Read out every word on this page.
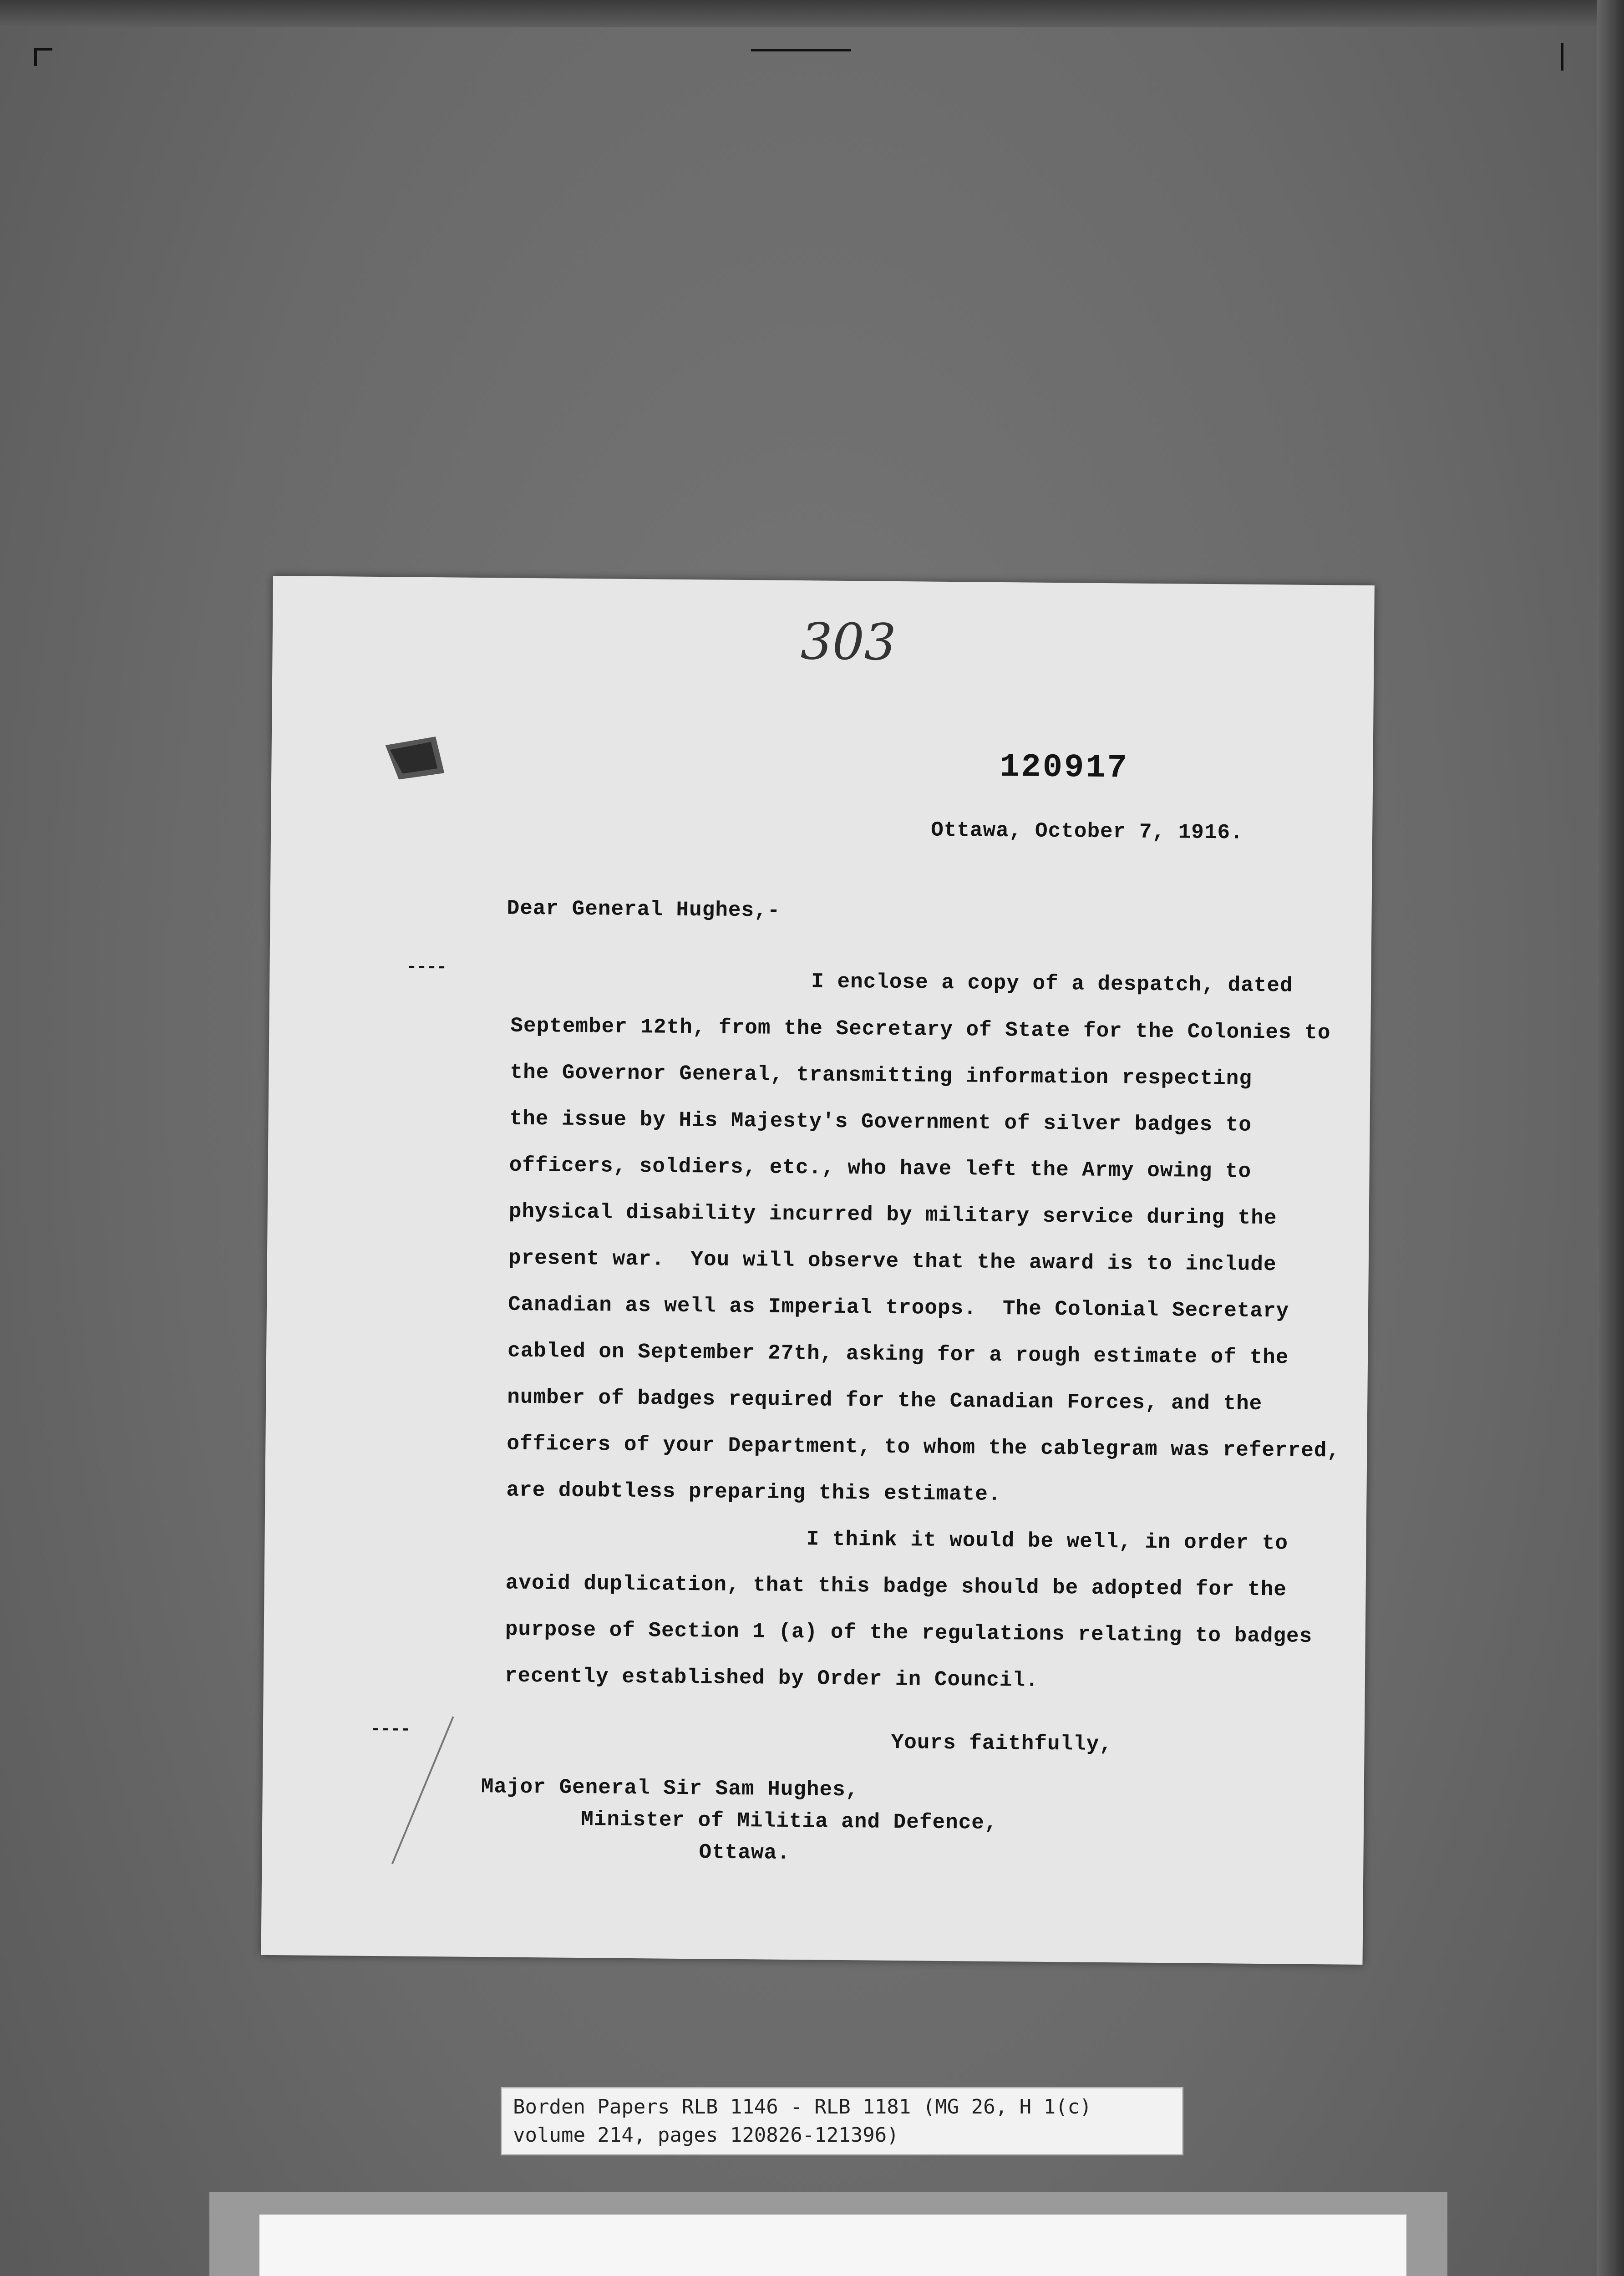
303
120917
Ottawa, October 7, 1916.
Dear General Hughes,-
----
I enclose a copy of a despatch, dated
September 12th, from the Secretary of State for the Colonies to
the Governor General, transmitting information respecting
the issue by His Majesty's Government of silver badges to
officers, soldiers, etc., who have left the Army owing to
physical disability incurred by military service during the
present war.  You will observe that the award is to include
Canadian as well as Imperial troops.  The Colonial Secretary
cabled on September 27th, asking for a rough estimate of the
number of badges required for the Canadian Forces, and the
officers of your Department, to whom the cablegram was referred,
are doubtless preparing this estimate.
I think it would be well, in order to
avoid duplication, that this badge should be adopted for the
purpose of Section 1 (a) of the regulations relating to badges
recently established by Order in Council.
----
Yours faithfully,
Major General Sir Sam Hughes,
Minister of Militia and Defence,
Ottawa.
Borden Papers RLB 1146 - RLB 1181 (MG 26, H 1(c)
volume 214, pages 120826-121396)
